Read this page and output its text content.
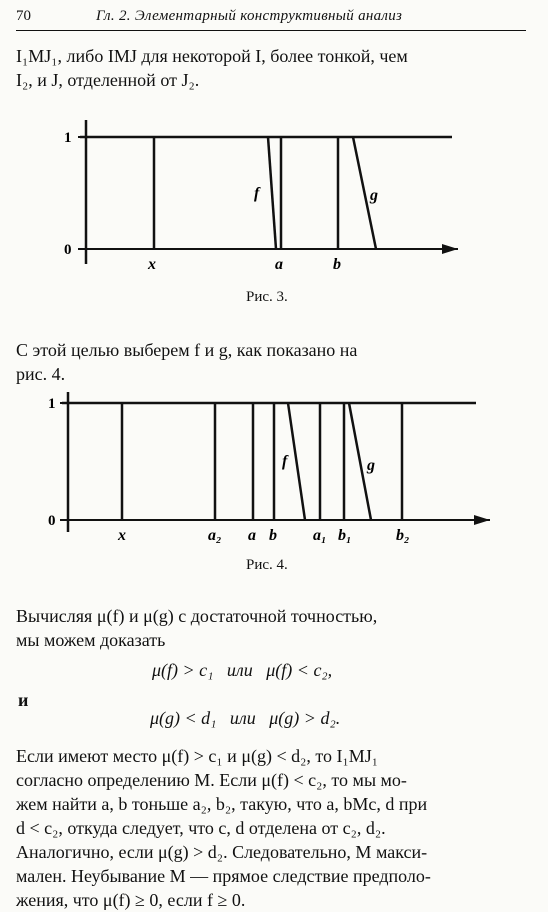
70	Гл. 2. Элементарный конструктивный анализ
I₁MJ₁, либо IMJ для некоторой I, более тонкой, чем
I₂, и J, отделенной от J₂.
1
0
x	a	b
f	g
Рис. 3.
С этой целью выберем f и g, как показано на
рис. 4.
1
0
x	a₂ a b a₁ b₁	b₂
f	g
Рис. 4.
Вычисляя μ(f) и μ(g) с достаточной точностью,
мы можем доказать
μ(f) > c₁   или   μ(f) < c₂,
и
μ(g) < d₁   или   μ(g) > d₂.
Если имеют место μ(f) > c₁ и μ(g) < d₂, то I₁MJ₁
согласно определению M. Если μ(f) < c₂, то мы мо-
жем найти a, b тоньше a₂, b₂, такую, что a, bMc, d при
d < c₂, откуда следует, что c, d отделена от c₂, d₂.
Аналогично, если μ(g) > d₂. Следовательно, M макси-
мален. Неубывание M — прямое следствие предполо-
жения, что μ(f) ≥ 0, если f ≥ 0.
